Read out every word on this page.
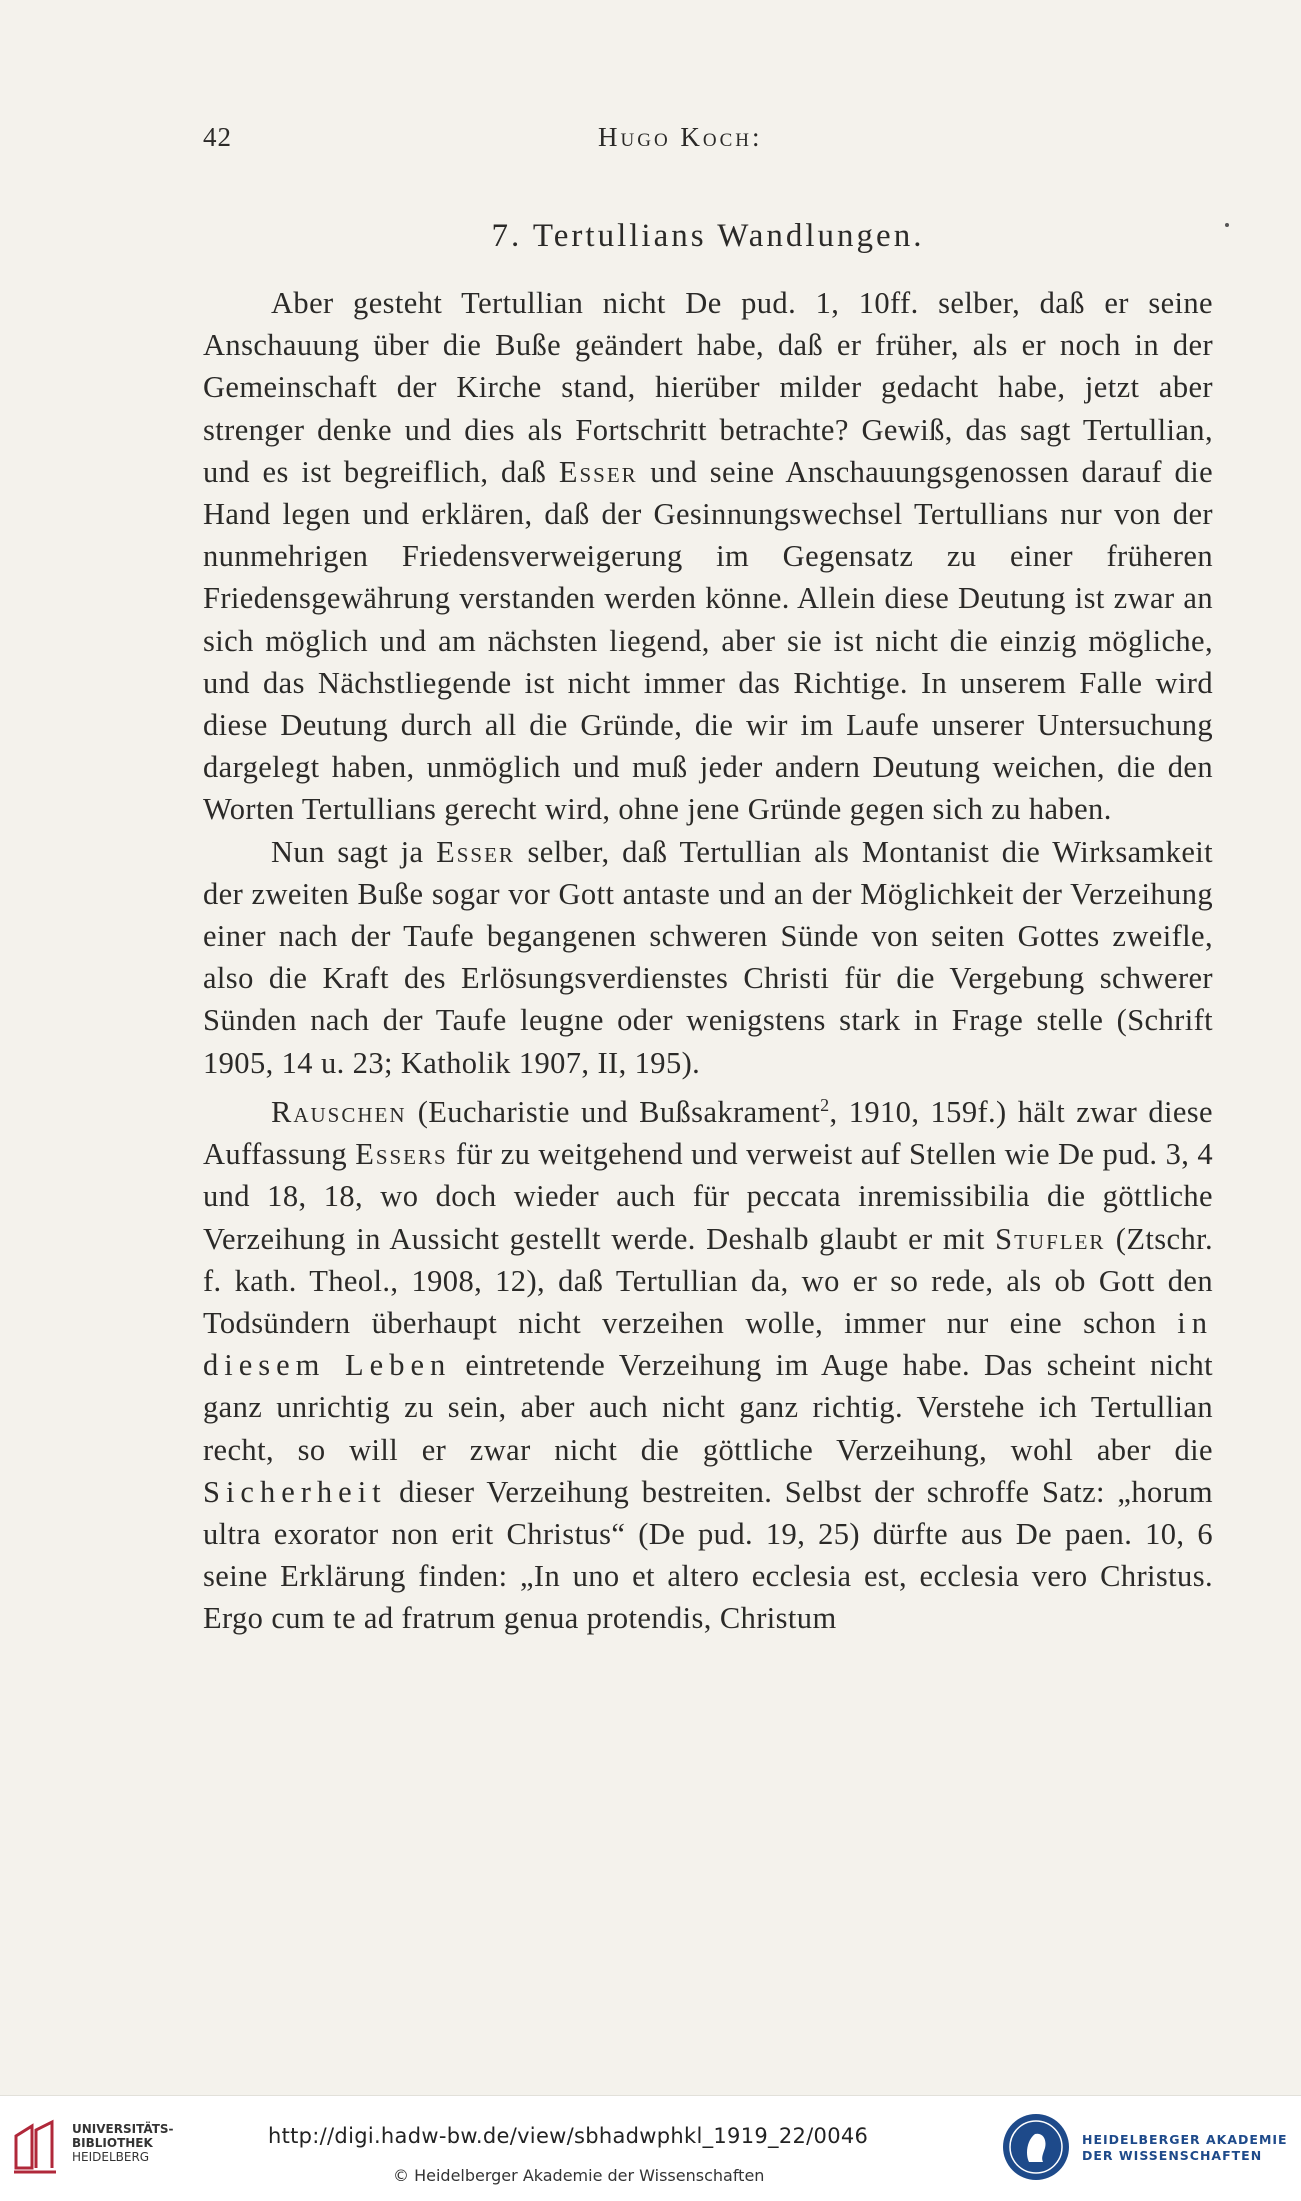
42	Hugo Koch:
7. Tertullians Wandlungen.

Aber gesteht Tertullian nicht De pud. 1, 10ff. selber, daß er seine Anschauung über die Buße geändert habe, daß er früher, als er noch in der Gemeinschaft der Kirche stand, hierüber milder gedacht habe, jetzt aber strenger denke und dies als Fortschritt betrachte? Gewiß, das sagt Tertullian, und es ist begreiflich, daß Esser und seine Anschauungsgenossen darauf die Hand legen und erklären, daß der Gesinnungswechsel Tertullians nur von der nunmehrigen Friedensverweigerung im Gegensatz zu einer früheren Friedensgewährung verstanden werden könne. Allein diese Deutung ist zwar an sich möglich und am nächsten liegend, aber sie ist nicht die einzig mögliche, und das Nächstliegende ist nicht immer das Richtige. In unserem Falle wird diese Deutung durch all die Gründe, die wir im Laufe unserer Untersuchung dargelegt haben, unmöglich und muß jeder andern Deutung weichen, die den Worten Tertullians gerecht wird, ohne jene Gründe gegen sich zu haben.

Nun sagt ja Esser selber, daß Tertullian als Montanist die Wirksamkeit der zweiten Buße sogar vor Gott antaste und an der Möglichkeit der Verzeihung einer nach der Taufe begangenen schweren Sünde von seiten Gottes zweifle, also die Kraft des Erlösungsverdienstes Christi für die Vergebung schwerer Sünden nach der Taufe leugne oder wenigstens stark in Frage stelle (Schrift 1905, 14 u. 23; Katholik 1907, II, 195).

Rauschen (Eucharistie und Bußsakrament$^2$, 1910, 159f.) hält zwar diese Auffassung Essers für zu weitgehend und verweist auf Stellen wie De pud. 3, 4 und 18, 18, wo doch wieder auch für peccata inremissibilia die göttliche Verzeihung in Aussicht gestellt werde. Deshalb glaubt er mit Stufler (Ztschr. f. kath. Theol., 1908, 12), daß Tertullian da, wo er so rede, als ob Gott den Todsündern überhaupt nicht verzeihen wolle, immer nur eine schon in diesem Leben eintretende Verzeihung im Auge habe. Das scheint nicht ganz unrichtig zu sein, aber auch nicht ganz richtig. Verstehe ich Tertullian recht, so will er zwar nicht die göttliche Verzeihung, wohl aber die Sicherheit dieser Verzeihung bestreiten. Selbst der schroffe Satz: „horum ultra exorator non erit Christus“ (De pud. 19, 25) dürfte aus De paen. 10, 6 seine Erklärung finden: „In uno et altero ecclesia est, ecclesia vero Christus. Ergo cum te ad fratrum genua protendis, Christum

UNIVERSITÄTS-
BIBLIOTHEK
HEIDELBERG
http://digi.hadw-bw.de/view/sbhadwphkl_1919_22/0046
© Heidelberger Akademie der Wissenschaften
HEIDELBERGER AKADEMIE
DER WISSENSCHAFTEN
